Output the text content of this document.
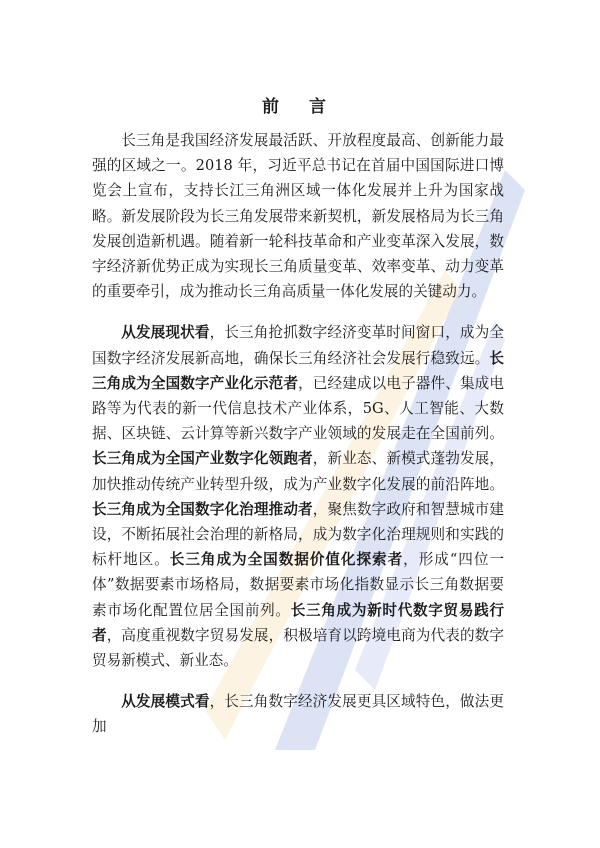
前 言

长三角是我国经济发展最活跃、开放程度最高、创新能力最强的区域之一。2018 年，习近平总书记在首届中国国际进口博览会上宣布，支持长江三角洲区域一体化发展并上升为国家战略。新发展阶段为长三角发展带来新契机，新发展格局为长三角发展创造新机遇。随着新一轮科技革命和产业变革深入发展，数字经济新优势正成为实现长三角质量变革、效率变革、动力变革的重要牵引，成为推动长三角高质量一体化发展的关键动力。

从发展现状看，长三角抢抓数字经济变革时间窗口，成为全国数字经济发展新高地，确保长三角经济社会发展行稳致远。长三角成为全国数字产业化示范者，已经建成以电子器件、集成电路等为代表的新一代信息技术产业体系，5G、人工智能、大数据、区块链、云计算等新兴数字产业领域的发展走在全国前列。长三角成为全国产业数字化领跑者，新业态、新模式蓬勃发展，加快推动传统产业转型升级，成为产业数字化发展的前沿阵地。长三角成为全国数字化治理推动者，聚焦数字政府和智慧城市建设，不断拓展社会治理的新格局，成为数字化治理规则和实践的标杆地区。长三角成为全国数据价值化探索者，形成“四位一体”数据要素市场格局，数据要素市场化指数显示长三角数据要素市场化配置位居全国前列。长三角成为新时代数字贸易践行者，高度重视数字贸易发展，积极培育以跨境电商为代表的数字贸易新模式、新业态。

从发展模式看，长三角数字经济发展更具区域特色，做法更加
